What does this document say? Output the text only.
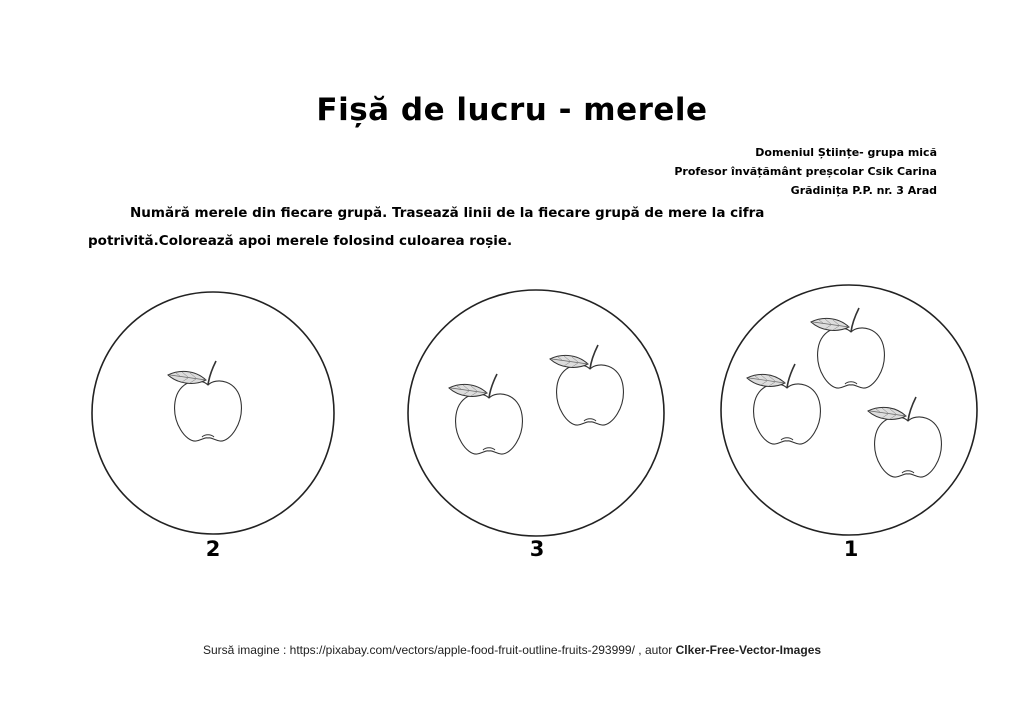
Fișă de lucru - merele
Domeniul Științe- grupa mică
Profesor învățământ preșcolar Csik Carina
Grădinița P.P. nr. 3 Arad
Numără merele din fiecare grupă. Trasează linii de la fiecare grupă de mere la cifra
potrivită.Colorează apoi merele folosind culoarea roșie.
2	3	1
Sursă imagine : https://pixabay.com/vectors/apple-food-fruit-outline-fruits-293999/ , autor Clker-Free-Vector-Images
